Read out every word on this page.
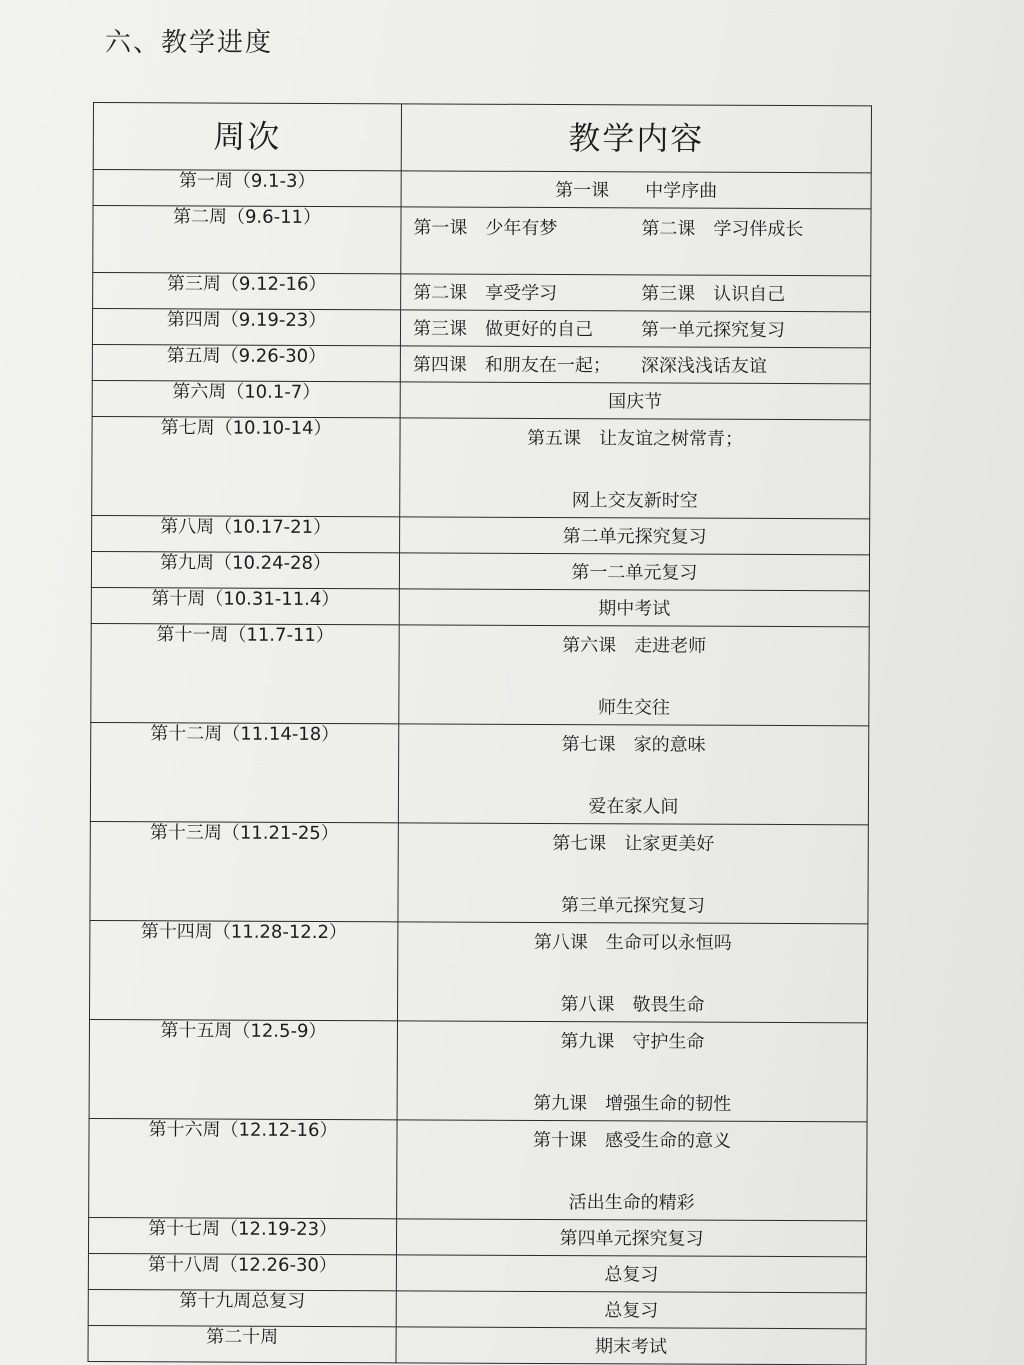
六、教学进度
周次	教学内容
第一周（9.1-3）	第一课　　中学序曲

第二周（9.6-11）	第一课　少年有梦 第二课　学习伴成长

第三周（9.12-16）	第二课　享受学习 第三课　认识自己

第四周（9.19-23）	第三课　做更好的自己 第一单元探究复习

第五周（9.26-30）	第四课　和朋友在一起； 深深浅浅话友谊

第六周（10.1-7）	国庆节

第七周（10.10-14）	第五课　让友谊之树常青；
网上交友新时空

第八周（10.17-21）	第二单元探究复习

第九周（10.24-28）	第一二单元复习

第十周（10.31-11.4）	期中考试

第十一周（11.7-11）	第六课　走进老师
师生交往

第十二周（11.14-18）	第七课　家的意味
爱在家人间

第十三周（11.21-25）	第七课　让家更美好
第三单元探究复习

第十四周（11.28-12.2）	第八课　生命可以永恒吗
第八课　敬畏生命

第十五周（12.5-9）	第九课　守护生命
第九课　增强生命的韧性

第十六周（12.12-16）	第十课　感受生命的意义
活出生命的精彩

第十七周（12.19-23）	第四单元探究复习

第十八周（12.26-30）	总复习

第十九周总复习	总复习

第二十周	期末考试
